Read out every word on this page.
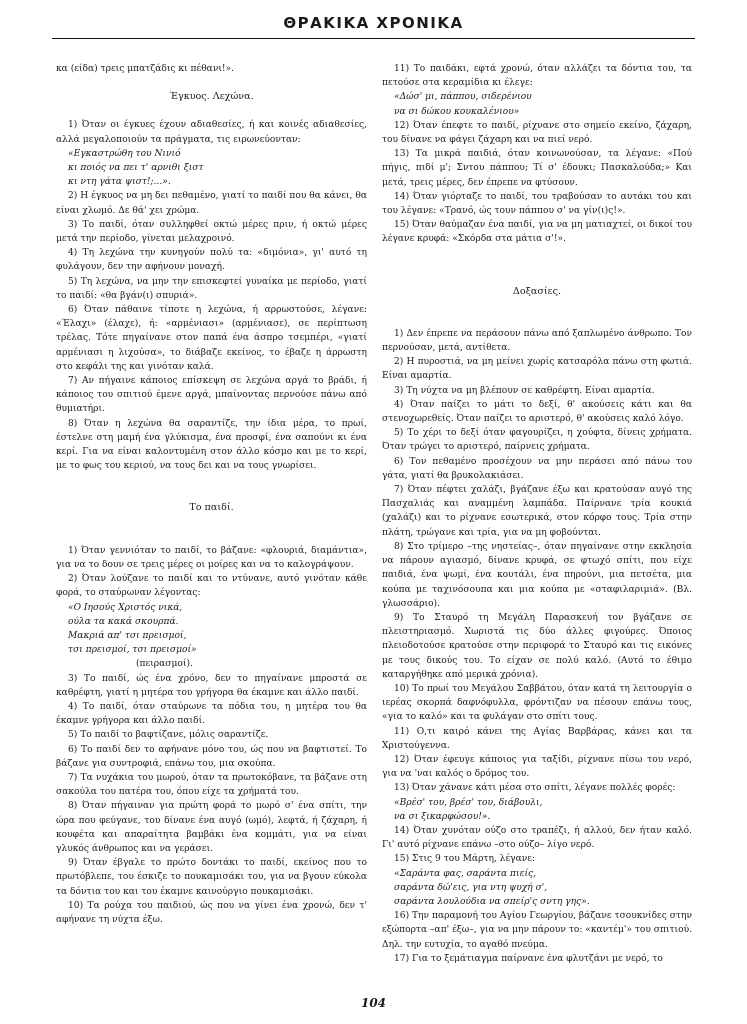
ΘΡΑΚΙΚΑ ΧΡΟΝΙΚΑ

κα (είδα) τρεις μπατζάδις κι πέθανι!».

Έγκυος. Λεχώνα.

1) Όταν οι έγκυες έχουν αδιαθεσίες, ή και κοινές αδιαθεσίες, αλλά μεγαλοποιούν τα πράγματα, τις ειρωνεύονταν:

«Εγκαστρώθη του Νινιό

κι ποιός να πει τ' αρνιθι ξιστ

κι ντη γάτα ψιστ!;...».

2) Η έγκυος να μη δει πεθαμένο, γιατί το παιδί που θα κάνει, θα είναι χλωμό. Δε θά' χει χρώμα.

3) Το παιδί, όταν συλληφθεί οκτώ μέρες πριν, ή οκτώ μέρες μετά την περίοδο, γίνεται μελαχροινό.

4) Τη λεχώνα την κυνηγούν πολύ τα: «διμόνια», γι' αυτό τη φυλάγουν, δεν την αφήνουν μοναχή.

5) Τη λεχώνα, να μην την επισκεφτεί γυναίκα με περίοδο, γιατί το παιδί: «θα βγάν(ι) σπυριά».

6) Όταν πάθαινε τίποτε η λεχώνα, ή αρρωστούσε, λέγανε: «Έλαχι» (έλαχε), ή: «αρμένιασι» (αρμένιασε), σε περίπτωση τρέλας. Τότε πηγαίνανε στον παπά ένα άσπρο τσεμπέρι, «γιατί αρμένιασι η λιχούσα», το διάβαζε εκείνος, το έβαζε η άρρωστη στο κεφάλι της και γινόταν καλά.

7) Αν πήγαινε κάποιος επίσκεψη σε λεχώνα αργά το βράδι, ή κάποιος του σπιτιού έμενε αργά, μπαίνοντας περνούσε πάνω από θυμιατήρι.

8) Όταν η λεχώνα θα σαραντίζε, την ίδια μέρα, το πρωί, έστελνε στη μαμή ένα γλύκισμα, ένα προσφί, ένα σαπούνι κι ένα κερί. Για να είναι καλοντυμένη στον άλλο κόσμο και με το κερί, με το φως του κεριού, να τους δει και να τους γνωρίσει.

Το παιδί.

1) Όταν γεννιόταν το παιδί, το βάζανε: «φλουριά, διαμάντια», για να το δουν σε τρεις μέρες οι μοίρες και να το καλογράψουν.

2) Όταν λούζανε το παιδί και το ντύνανε, αυτό γινόταν κάθε φορά, το σταύρωναν λέγοντας:

«Ο Ιησούς Χριστός νικά,

ούλα τα κακά σκουρπά.

Μακριά απ' τσι πρεισμοί,

τσι πρεισμοί, τσι πρεισμοί»

(πειρασμοί).

3) Το παιδί, ώς ένα χρόνο, δεν το πηγαίνανε μπροστά σε καθρέφτη, γιατί η μητέρα του γρήγορα θα έκαμνε και άλλο παιδί.

4) Το παιδί, όταν σταύρωνε τα πόδια του, η μητέρα του θα έκαμνε γρήγορα και άλλο παιδί.

5) Το παιδί το βαφτίζανε, μόλις σαραντίζε.

6) Το παιδί δεν το αφήνανε μόνο του, ώς που να βαφτιστεί. Το βάζανε για συντροφιά, επάνω του, μια σκούπα.

7) Τα νυχάκια του μωρού, όταν τα πρωτοκόβανε, τα βάζανε στη σακούλα του πατέρα του, όπου είχε τα χρήματά του.

8) Όταν πήγαιναν για πρώτη φορά το μωρό σ' ένα σπίτι, την ώρα που φεύγανε, του δίνανε ένα αυγό (ωμό), λεφτά, ή ζάχαρη, ή κουφέτα και απαραίτητα βαμβάκι ένα κομμάτι, για να είναι γλυκός άνθρωπος και να γεράσει.

9) Όταν έβγαλε το πρώτο δοντάκι το παιδί, εκείνος που το πρωτόβλεπε, του έσκιζε το πουκαμισάκι του, για να βγουν εύκολα τα δόντια του και του έκαμνε καινούργιο πουκαμισάκι.

10) Τα ρούχα του παιδιού, ώς που να γίνει ένα χρονώ, δεν τ' αφήνανε τη νύχτα έξω.

11) Το παιδάκι, εφτά χρονώ, όταν αλλάζει τα δόντια του, τα πετούσε στα κεραμίδια κι έλεγε:

«Δώσ' μι, πάππου, σιδερένιου

να σι δώκου κουκαλένιου»

12) Όταν έπεφτε το παιδί, ρίχνανε στο σημείο εκείνο, ζάχαρη, του δίνανε να φάγει ζάχαρη και να πιεί νερό.

13) Τα μικρά παιδιά, όταν κοινωνούσαν, τα λέγανε: «Πού πήγις, πιδί μ'; Σντου πάππου; Τί σ' έδουκι; Πασκαλούδα;» Και μετά, τρεις μέρες, δεν έπρεπε να φτύσουν.

14) Όταν γιόρταζε το παιδί, του τραβούσαν το αυτάκι του και του λέγανε: «Τρανό, ώς τουν πάππου σ' να γίν(ι)ς!».

15) Όταν θαύμαζαν ένα παιδί, για να μη ματιαχτεί, οι δικοί του λέγανε κρυφά: «Σκόρδα στα μάτια σ'!».

Δοξασίες.

1) Δεν έπρεπε να περάσουν πάνω από ξαπλωμένο άνθρωπο. Τον περνούσαν, μετά, αντίθετα.

2) Η πυροστιά, να μη μείνει χωρίς κατσαρόλα πάνω στη φωτιά. Είναι αμαρτία.

3) Τη νύχτα να μη βλέπουν σε καθρέφτη. Είναι αμαρτία.

4) Όταν παίζει το μάτι το δεξί, θ' ακούσεις κάτι και θα στενοχωρεθείς. Όταν παίζει το αριστερό, θ' ακούσεις καλό λόγο.

5) Το χέρι το δεξί όταν φαγουρίζει, η χούφτα, δίνεις χρήματα. Όταν τρώγει το αριστερό, παίρνεις χρήματα.

6) Τον πεθαμένο προσέχουν να μην περάσει από πάνω του γάτα, γιατί θα βρυκολακιάσει.

7) Όταν πέφτει χαλάζι, βγάζανε έξω και κρατούσαν αυγό της Πασχαλιάς και αναμμένη λαμπάδα. Παίρνανε τρία κουκιά (χαλάζι) και το ρίχνανε εσωτερικά, στον κόρφο τους. Τρία στην πλάτη, τρώγανε και τρία, για να μη φοβούνται.

8) Στο τρίμερο –της νηστείας–, όταν πηγαίνανε στην εκκλησία να πάρουν αγιασμό, δίνανε κρυφά, σε φτωχό σπίτι, που είχε παιδιά, ένα ψωμί, ένα κουτάλι, ένα πηρούνι, μια πετσέτα, μια κούπα με ταχινόσουπα και μια κούπα με «σταφιλαριμιά». (Βλ. γλωσσάριο).

9) Το Σταυρό τη Μεγάλη Παρασκευή τον βγάζανε σε πλειστηριασμό. Χωριστά τις δύο άλλες φιγούρες. Όποιος πλειοδοτούσε κρατούσε στην περιφορά το Σταυρό και τις εικόνες με τους δικούς του. Το είχαν σε πολύ καλό. (Αυτό το έθιμο καταργήθηκε από μερικά χρόνια).

10) Το πρωί του Μεγάλου Σαββάτου, όταν κατά τη λειτουργία ο ιερέας σκορπά δαφνόφυλλα, φρόντιζαν να πέσουν επάνω τους, «για το καλό» και τα φυλάγαν στο σπίτι τους.

11) Ο,τι καιρό κάνει της Αγίας Βαρβάρας, κάνει και τα Χριστούγεννα.

12) Όταν έφευγε κάποιος για ταξίδι, ρίχνανε πίσω του νερό, για να 'ναι καλός ο δρόμος του.

13) Όταν χάνανε κάτι μέσα στο σπίτι, λέγανε πολλές φορές:

«Βρέσ' του, βρέσ' του, διάβουλι,

να σι ξικαρφώσου!».

14) Όταν χυνόταν ούζο στο τραπέζι, ή αλλού, δεν ήταν καλό. Γι' αυτό ρίχνανε επάνω –στο ούζο– λίγο νερό.

15) Στις 9 του Μάρτη, λέγανε:

«Σαράντα φας, σαράντα πιείς,

σαράντα δώ'εις, για ντη ψυχή σ',

σαράντα λουλούδια να σπείρ'ς σντη γης».

16) Την παραμονή του Αγίου Γεωργίου, βάζανε τσουκνίδες στην εξώπορτα –απ' έξω–, για να μην πάρουν το: «καντέμ'» του σπιτιού. Δηλ. την ευτυχία, το αγαθό πνεύμα.

17) Για το ξεμάτιαγμα παίρνανε ένα φλυτζάνι με νερό, το

104
